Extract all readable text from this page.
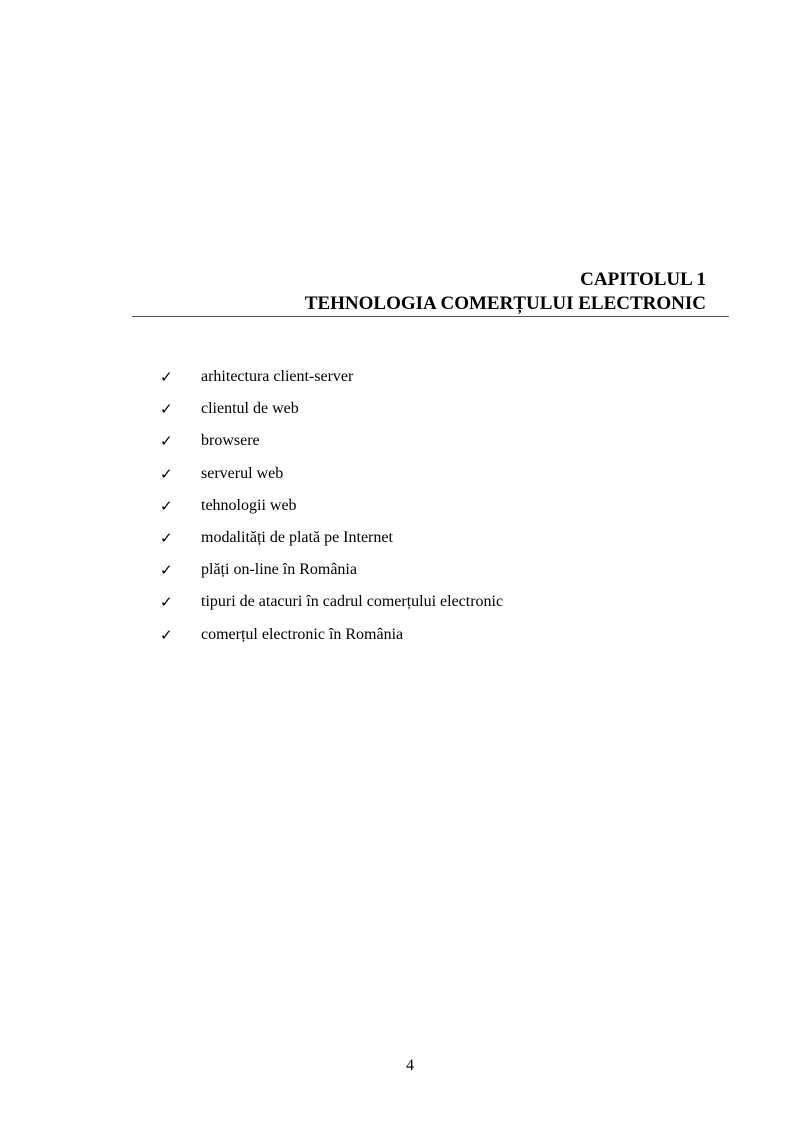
CAPITOLUL 1
TEHNOLOGIA COMERȚULUI ELECTRONIC
✓	arhitectura client-server
✓	clientul de web
✓	browsere
✓	serverul web
✓	tehnologii web
✓	modalități de plată pe Internet
✓	plăți on-line în România
✓	tipuri de atacuri în cadrul comerțului electronic
✓	comerțul electronic în România
4
